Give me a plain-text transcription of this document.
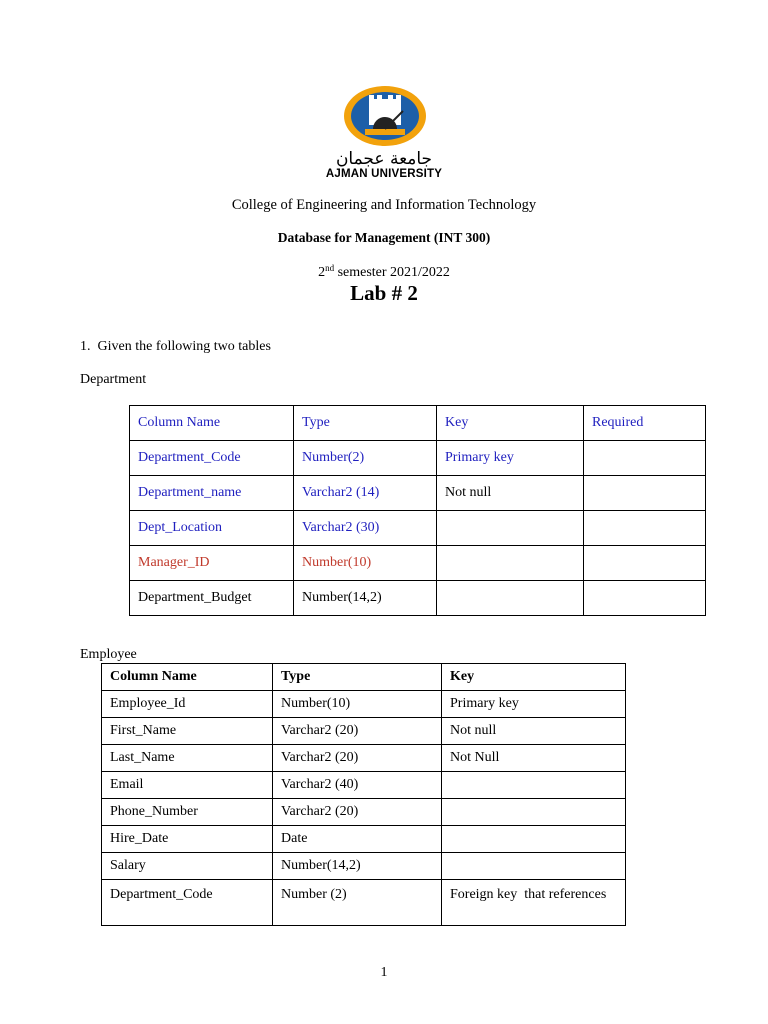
جامعة عجمان
AJMAN UNIVERSITY
College of Engineering and Information Technology
Database for Management (INT 300)
2nd semester 2021/2022
Lab # 2
1.  Given the following two tables
Department
Column Name	Type	Key	Required
Department_Code	Number(2)	Primary key	
Department_name	Varchar2 (14)	Not null	
Dept_Location	Varchar2 (30)		
Manager_ID	Number(10)		
Department_Budget	Number(14,2)		
Employee
Column Name	Type	Key
Employee_Id	Number(10)	Primary key
First_Name	Varchar2 (20)	Not null
Last_Name	Varchar2 (20)	Not Null
Email	Varchar2 (40)	
Phone_Number	Varchar2 (20)	
Hire_Date	Date	
Salary	Number(14,2)	
Department_Code	Number (2)	Foreign key  that references
1
